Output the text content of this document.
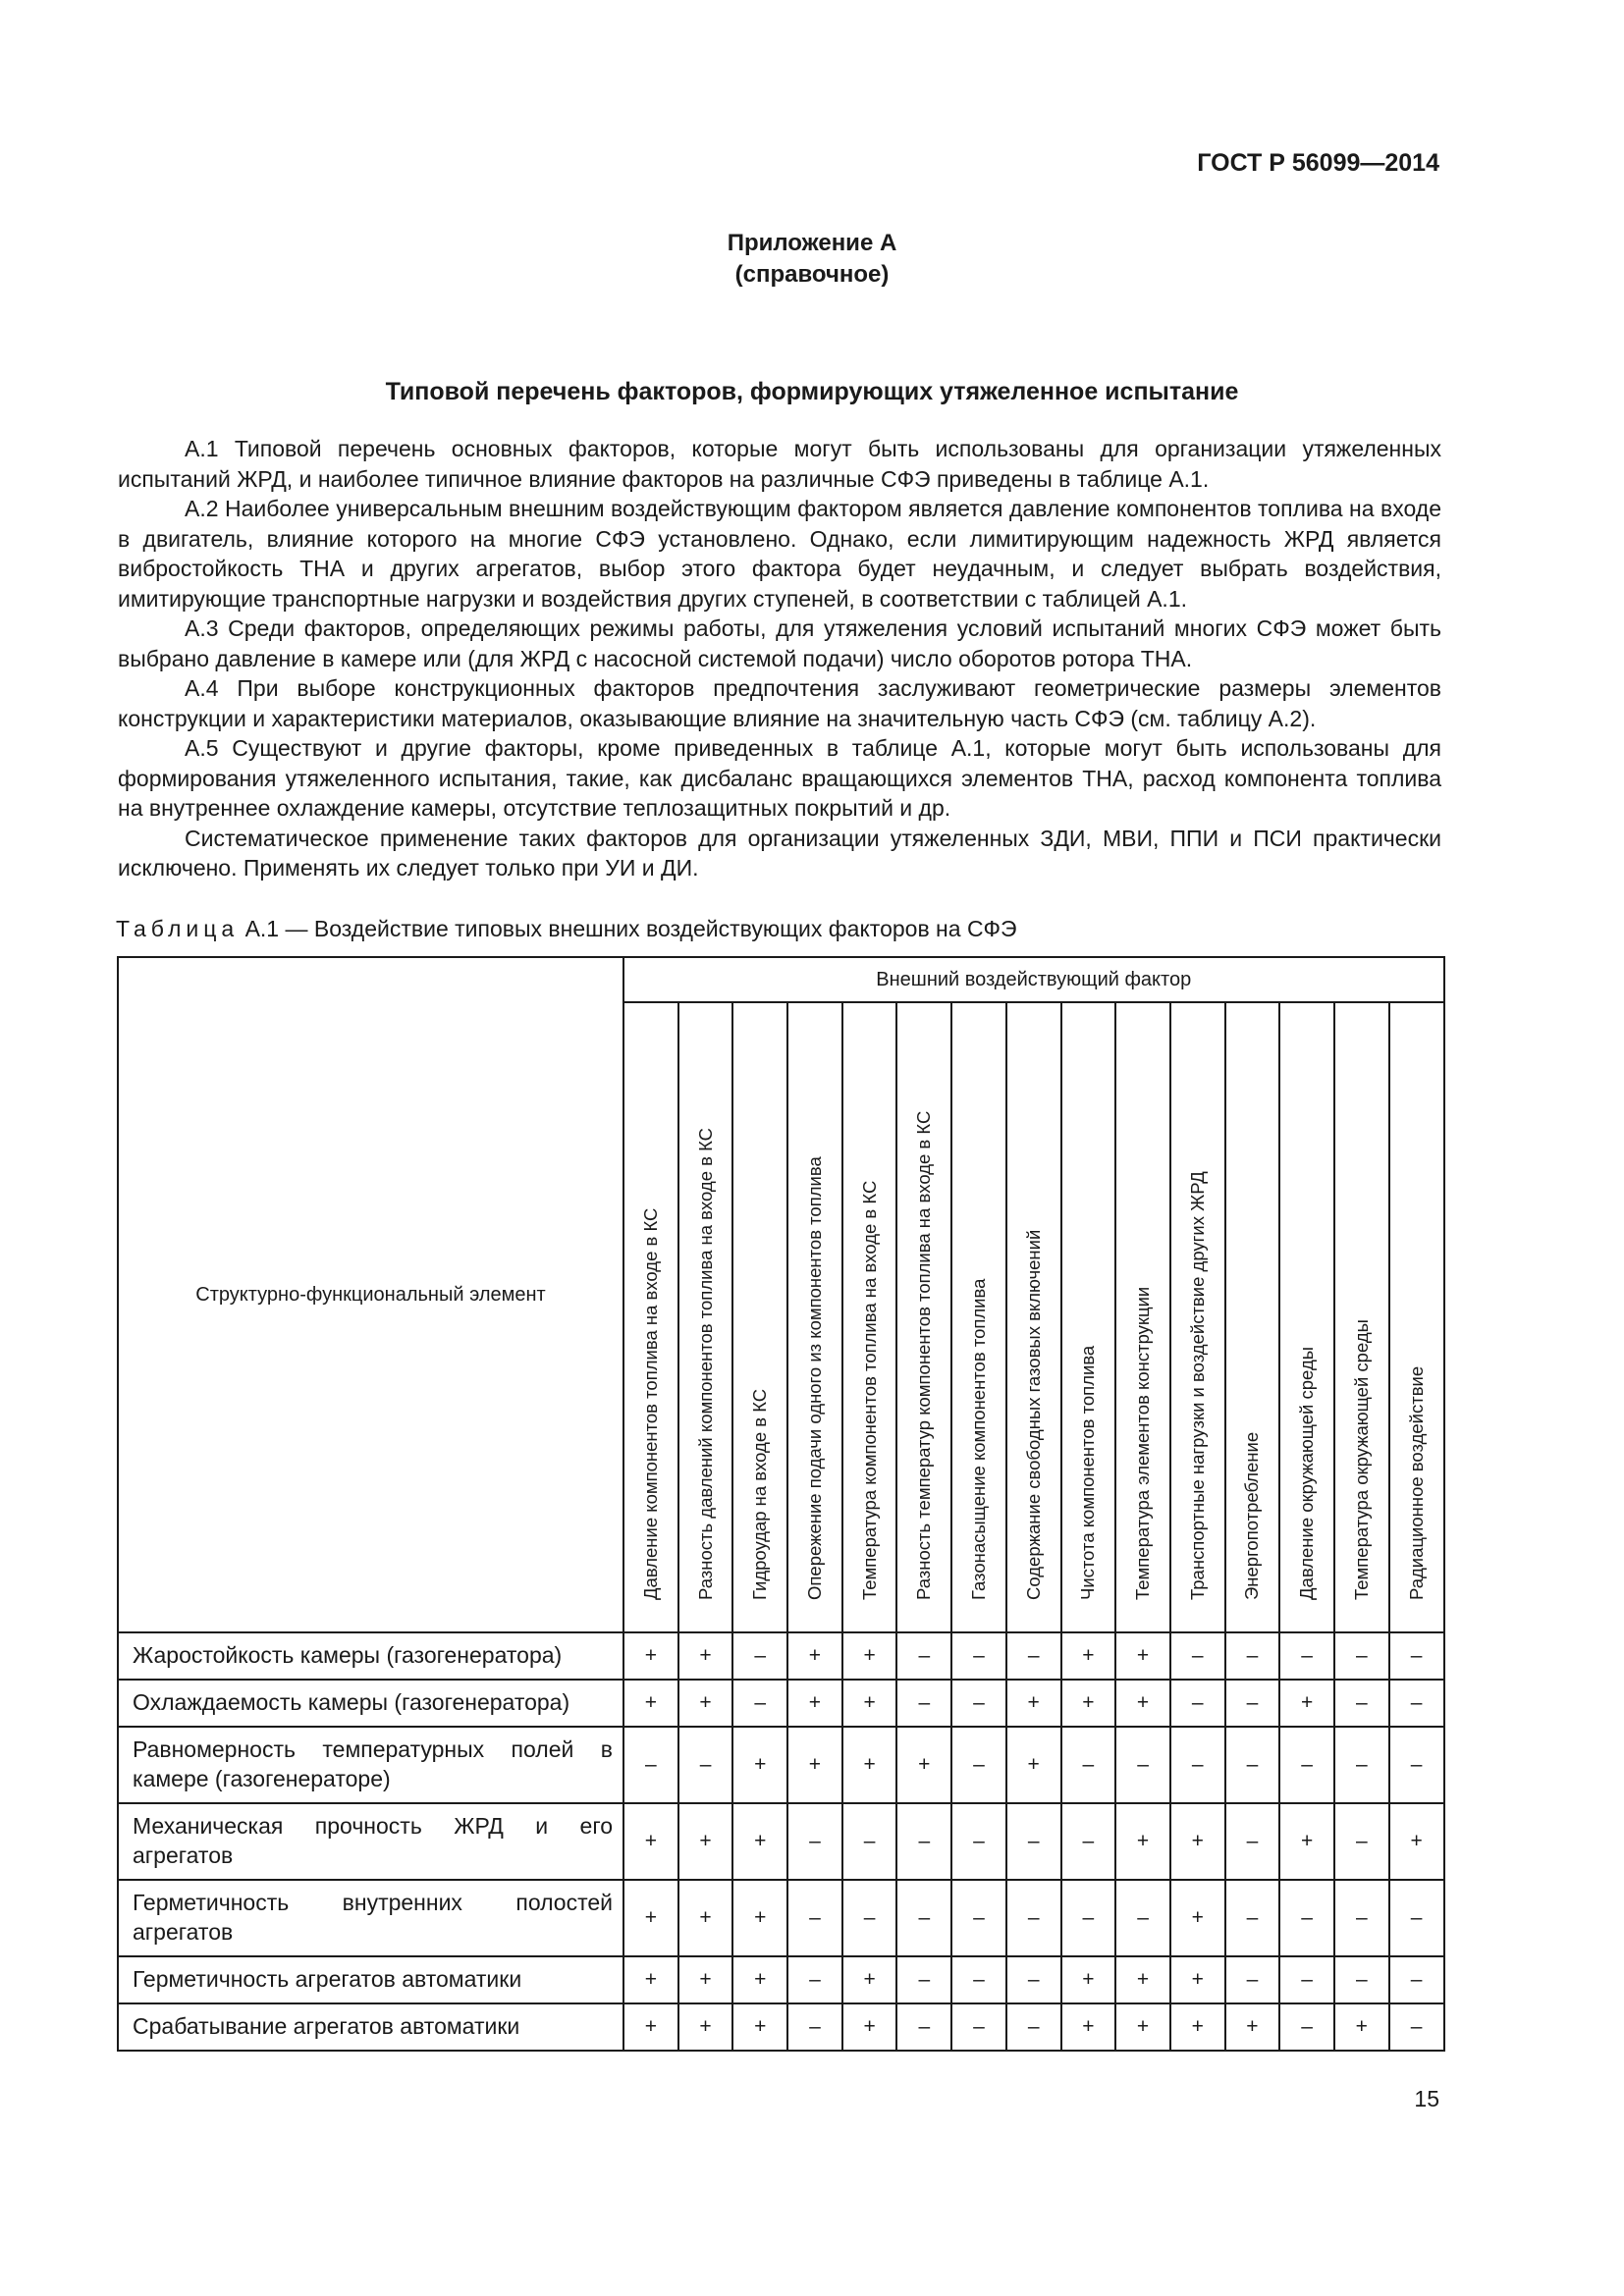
ГОСТ Р 56099—2014
Приложение А
(справочное)
Типовой перечень факторов, формирующих утяжеленное испытание

А.1 Типовой перечень основных факторов, которые могут быть использованы для организации утяжеленных испытаний ЖРД, и наиболее типичное влияние факторов на различные СФЭ приведены в таблице А.1.

А.2 Наиболее универсальным внешним воздействующим фактором является давление компонентов топлива на входе в двигатель, влияние которого на многие СФЭ установлено. Однако, если лимитирующим надежность ЖРД является вибростойкость ТНА и других агрегатов, выбор этого фактора будет неудачным, и следует выбрать воздействия, имитирующие транспортные нагрузки и воздействия других ступеней, в соответствии с таблицей А.1.

А.3 Среди факторов, определяющих режимы работы, для утяжеления условий испытаний многих СФЭ может быть выбрано давление в камере или (для ЖРД с насосной системой подачи) число оборотов ротора ТНА.

А.4 При выборе конструкционных факторов предпочтения заслуживают геометрические размеры элементов конструкции и характеристики материалов, оказывающие влияние на значительную часть СФЭ (см. таблицу А.2).

А.5 Существуют и другие факторы, кроме приведенных в таблице А.1, которые могут быть использованы для формирования утяжеленного испытания, такие, как дисбаланс вращающихся элементов ТНА, расход компонента топлива на внутреннее охлаждение камеры, отсутствие теплозащитных покрытий и др.

Систематическое применение таких факторов для организации утяжеленных ЗДИ, МВИ, ППИ и ПСИ практически исключено. Применять их следует только при УИ и ДИ.

Таблица А.1 — Воздействие типовых внешних воздействующих факторов на СФЭ
Структурно-функциональный элемент	Внешний воздействующий фактор														

	Давление компонентов топлива на входе в КС	Разность давлений компонентов топлива на входе в КС	Гидроудар на входе в КС	Опережение подачи одного из компонентов топлива	Температура компонентов топлива на входе в КС	Разность температур компонентов топлива на входе в КС	Газонасыщение компонентов топлива	Содержание свободных газовых включений	Чистота компонентов топлива	Температура элементов конструкции	Транспортные нагрузки и воздействие других ЖРД	Энергопотребление	Давление окружающей среды	Температура окружающей среды	Радиационное воздействие

Жаростойкость камеры (газогенератора)	+	+	–	+	+	–	–	–	+	+	–	–	–	–	–
Охлаждаемость камеры (газогенератора)	+	+	–	+	+	–	–	+	+	+	–	–	+	–	–
Равномерность температурных полей в камере (газогенераторе)	–	–	+	+	+	+	–	+	–	–	–	–	–	–	–
Механическая прочность ЖРД и его агрегатов	+	+	+	–	–	–	–	–	–	+	+	–	+	–	+
Герметичность внутренних полостей агрегатов	+	+	+	–	–	–	–	–	–	–	+	–	–	–	–
Герметичность агрегатов автоматики	+	+	+	–	+	–	–	–	+	+	+	–	–	–	–
Срабатывание агрегатов автоматики	+	+	+	–	+	–	–	–	+	+	+	+	–	+	–
15
